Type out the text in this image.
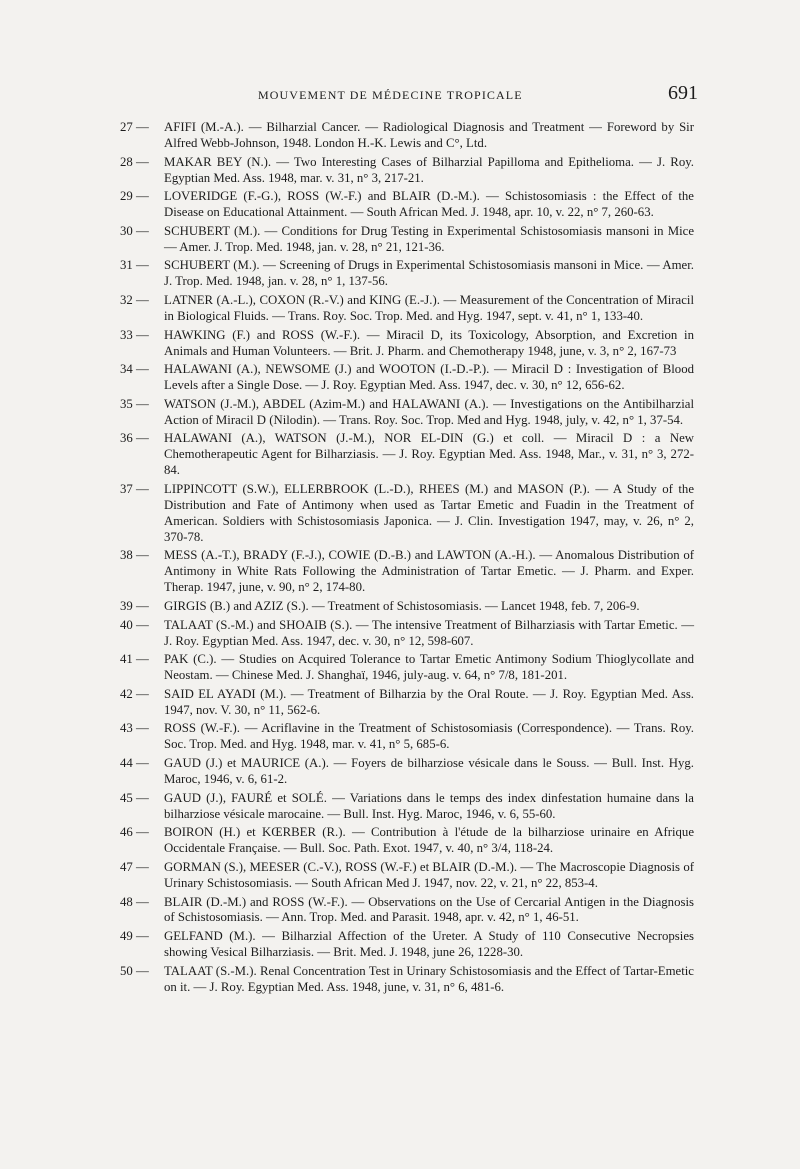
MOUVEMENT DE MÉDECINE TROPICALE	691
27 — AFIFI (M.-A.). — Bilharzial Cancer. — Radiological Diagnosis and Treatment — Foreword by Sir Alfred Webb-Johnson, 1948. London H.-K. Lewis and C°, Ltd.
28 — MAKAR BEY (N.). — Two Interesting Cases of Bilharzial Papilloma and Epithelioma. — J. Roy. Egyptian Med. Ass. 1948, mar. v. 31, n° 3, 217-21.
29 — LOVERIDGE (F.-G.), ROSS (W.-F.) and BLAIR (D.-M.). — Schistosomiasis : the Effect of the Disease on Educational Attainment. — South African Med. J. 1948, apr. 10, v. 22, n° 7, 260-63.
30 — SCHUBERT (M.). — Conditions for Drug Testing in Experimental Schistosomiasis mansoni in Mice — Amer. J. Trop. Med. 1948, jan. v. 28, n° 21, 121-36.
31 — SCHUBERT (M.). — Screening of Drugs in Experimental Schistosomiasis mansoni in Mice. — Amer. J. Trop. Med. 1948, jan. v. 28, n° 1, 137-56.
32 — LATNER (A.-L.), COXON (R.-V.) and KING (E.-J.). — Measurement of the Concentration of Miracil in Biological Fluids. — Trans. Roy. Soc. Trop. Med. and Hyg. 1947, sept. v. 41, n° 1, 133-40.
33 — HAWKING (F.) and ROSS (W.-F.). — Miracil D, its Toxicology, Absorption, and Excretion in Animals and Human Volunteers. — Brit. J. Pharm. and Chemotherapy 1948, june, v. 3, n° 2, 167-73
34 — HALAWANI (A.), NEWSOME (J.) and WOOTON (I.-D.-P.). — Miracil D : Investigation of Blood Levels after a Single Dose. — J. Roy. Egyptian Med. Ass. 1947, dec. v. 30, n° 12, 656-62.
35 — WATSON (J.-M.), ABDEL (Azim-M.) and HALAWANI (A.). — Investigations on the Antibilharzial Action of Miracil D (Nilodin). — Trans. Roy. Soc. Trop. Med and Hyg. 1948, july, v. 42, n° 1, 37-54.
36 — HALAWANI (A.), WATSON (J.-M.), NOR EL-DIN (G.) et coll. — Miracil D : a New Chemotherapeutic Agent for Bilharziasis. — J. Roy. Egyptian Med. Ass. 1948, Mar., v. 31, n° 3, 272-84.
37 — LIPPINCOTT (S.W.), ELLERBROOK (L.-D.), RHEES (M.) and MASON (P.). — A Study of the Distribution and Fate of Antimony when used as Tartar Emetic and Fuadin in the Treatment of American. Soldiers with Schistosomiasis Japonica. — J. Clin. Investigation 1947, may, v. 26, n° 2, 370-78.
38 — MESS (A.-T.), BRADY (F.-J.), COWIE (D.-B.) and LAWTON (A.-H.). — Anomalous Distribution of Antimony in White Rats Following the Administration of Tartar Emetic. — J. Pharm. and Exper. Therap. 1947, june, v. 90, n° 2, 174-80.
39 — GIRGIS (B.) and AZIZ (S.). — Treatment of Schistosomiasis. — Lancet 1948, feb. 7, 206-9.
40 — TALAAT (S.-M.) and SHOAIB (S.). — The intensive Treatment of Bilharziasis with Tartar Emetic. — J. Roy. Egyptian Med. Ass. 1947, dec. v. 30, n° 12, 598-607.
41 — PAK (C.). — Studies on Acquired Tolerance to Tartar Emetic Antimony Sodium Thioglycollate and Neostam. — Chinese Med. J. Shanghaï, 1946, july-aug. v. 64, n° 7/8, 181-201.
42 — SAID EL AYADI (M.). — Treatment of Bilharzia by the Oral Route. — J. Roy. Egyptian Med. Ass. 1947, nov. V. 30, n° 11, 562-6.
43 — ROSS (W.-F.). — Acriflavine in the Treatment of Schistosomiasis (Correspondence). — Trans. Roy. Soc. Trop. Med. and Hyg. 1948, mar. v. 41, n° 5, 685-6.
44 — GAUD (J.) et MAURICE (A.). — Foyers de bilharziose vésicale dans le Souss. — Bull. Inst. Hyg. Maroc, 1946, v. 6, 61-2.
45 — GAUD (J.), FAURÉ et SOLÉ. — Variations dans le temps des index dinfestation humaine dans la bilharziose vésicale marocaine. — Bull. Inst. Hyg. Maroc, 1946, v. 6, 55-60.
46 — BOIRON (H.) et KŒRBER (R.). — Contribution à l'étude de la bilharziose urinaire en Afrique Occidentale Française. — Bull. Soc. Path. Exot. 1947, v. 40, n° 3/4, 118-24.
47 — GORMAN (S.), MEESER (C.-V.), ROSS (W.-F.) et BLAIR (D.-M.). — The Macroscopie Diagnosis of Urinary Schistosomiasis. — South African Med J. 1947, nov. 22, v. 21, n° 22, 853-4.
48 — BLAIR (D.-M.) and ROSS (W.-F.). — Observations on the Use of Cercarial Antigen in the Diagnosis of Schistosomiasis. — Ann. Trop. Med. and Parasit. 1948, apr. v. 42, n° 1, 46-51.
49 — GELFAND (M.). — Bilharzial Affection of the Ureter. A Study of 110 Consecutive Necropsies showing Vesical Bilharziasis. — Brit. Med. J. 1948, june 26, 1228-30.
50 — TALAAT (S.-M.). Renal Concentration Test in Urinary Schistosomiasis and the Effect of Tartar-Emetic on it. — J. Roy. Egyptian Med. Ass. 1948, june, v. 31, n° 6, 481-6.
